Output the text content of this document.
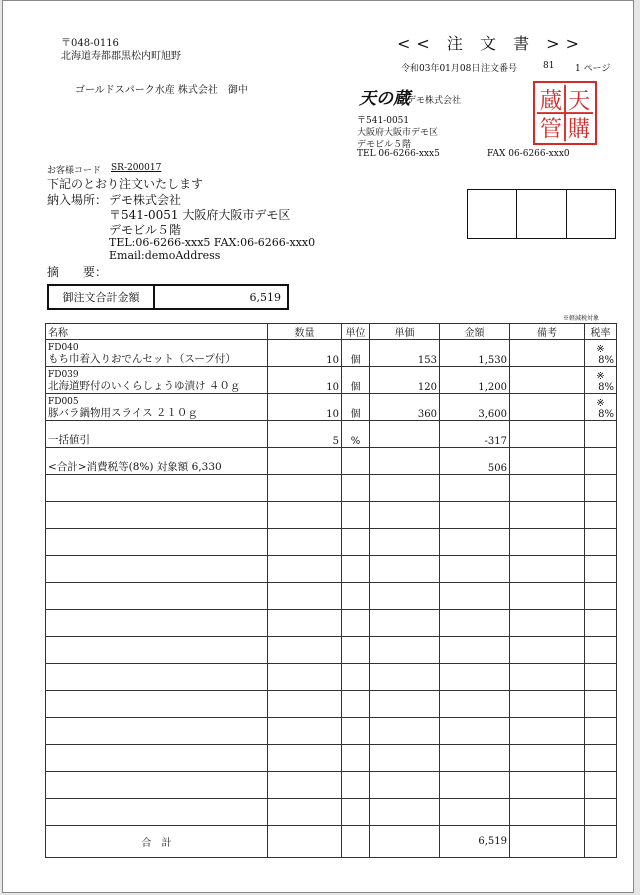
〒048-0116
北海道寿都郡黒松内町旭野
ゴールドスパーク水産 株式会社　御中
<< 注 文 書 >>
令和03年01月08日 注文番号	81 1 ページ
天の蔵
デモ株式会社
〒541-0051
大阪府大阪市デモ区
デモビル５階
TEL 06-6266-xxx5	FAX 06-6266-xxx0
天
蔵
購
管
お客様コード SR-200017
下記のとおり注文いたします
納入場所： デモ株式会社
〒541-0051 大阪府大阪市デモ区
デモビル５階
TEL:06-6266-xxx5 FAX:06-6266-xxx0
Email:demoAddress
摘　　要：
御注文合計金額	6,519
※軽減税対象
名称	数量	単位	単価	金額	備考	税率

FD040
もち巾着入りおでんセット（スープ付）	10	個	153	1,530		※
8%

FD039
北海道野付のいくらしょうゆ漬け ４０ｇ	10	個	120	1,200		※
8%

FD005
豚バラ鍋物用スライス ２１０ｇ	10	個	360	3,600		※
8%

一括値引	5	%		-317		

<合計>消費税等(8%) 対象額 6,330				506		

合　計				6,519		
